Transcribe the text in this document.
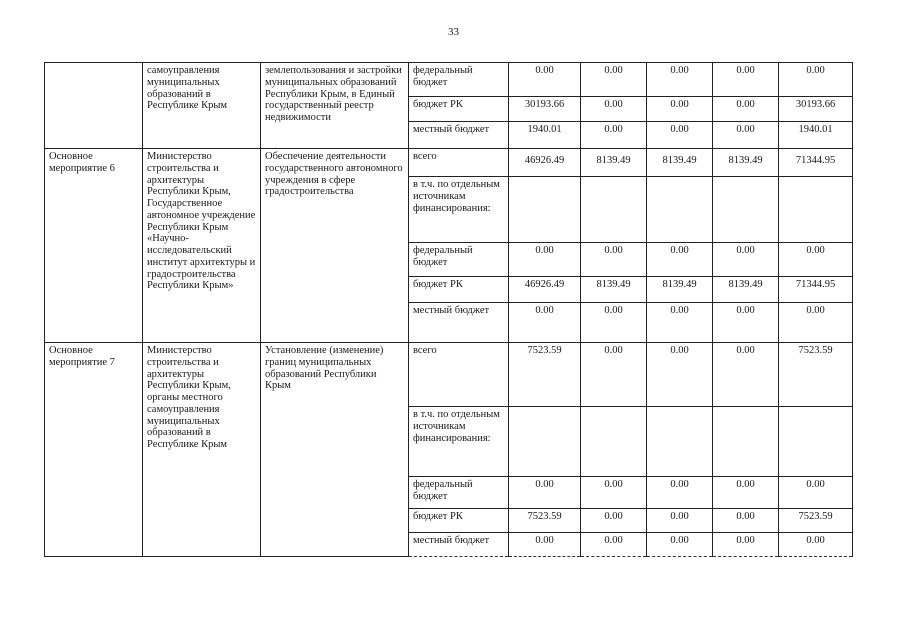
33
	самоуправления муниципальных образований в Республике Крым	землепользования и застройки муниципальных образований Республики Крым, в Единый государственный реестр недвижимости	федеральный бюджет	0.00	0.00	0.00	0.00	0.00
			бюджет РК	30193.66	0.00	0.00	0.00	30193.66
			местный бюджет	1940.01	0.00	0.00	0.00	1940.01
Основное мероприятие 6	Министерство строительства и архитектуры Республики Крым, Государственное автономное учреждение Республики Крым «Научно-исследовательский институт архитектуры и градостроительства Республики Крым»	Обеспечение деятельности государственного автономного учреждения в сфере градостроительства	всего	46926.49	8139.49	8139.49	8139.49	71344.95
			в т.ч. по отдельным источникам финансирования:					
			федеральный бюджет	0.00	0.00	0.00	0.00	0.00
			бюджет РК	46926.49	8139.49	8139.49	8139.49	71344.95
			местный бюджет	0.00	0.00	0.00	0.00	0.00
Основное мероприятие 7	Министерство строительства и архитектуры Республики Крым, органы местного самоуправления муниципальных образований в Республике Крым	Установление (изменение) границ муниципальных образований Республики Крым	всего	7523.59	0.00	0.00	0.00	7523.59
			в т.ч. по отдельным источникам финансирования:					
			федеральный бюджет	0.00	0.00	0.00	0.00	0.00
			бюджет РК	7523.59	0.00	0.00	0.00	7523.59
			местный бюджет	0.00	0.00	0.00	0.00	0.00
